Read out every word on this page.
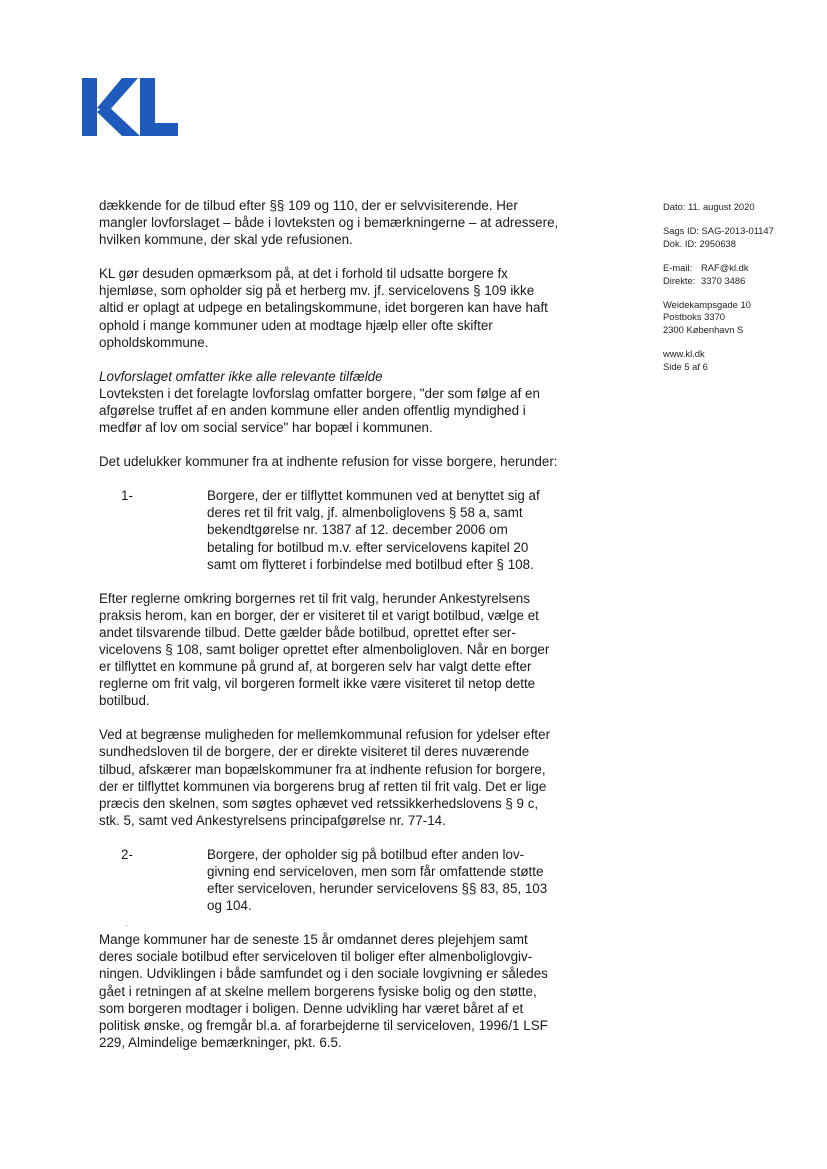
dækkende for de tilbud efter §§ 109 og 110, der er selvvisiterende. Her mangler lovforslaget – både i lovteksten og i bemærkningerne – at adressere, hvilken kommune, der skal yde refusionen.

KL gør desuden opmærksom på, at det i forhold til udsatte borgere fx hjemløse, som opholder sig på et herberg mv. jf. servicelovens § 109 ikke altid er oplagt at udpege en betalingskommune, idet borgeren kan have haft ophold i mange kommuner uden at modtage hjælp eller ofte skifter opholdskommune.

Lovforslaget omfatter ikke alle relevante tilfælde
Lovteksten i det forelagte lovforslag omfatter borgere, "der som følge af en afgørelse truffet af en anden kommune eller anden offentlig myndighed i medfør af lov om social service" har bopæl i kommunen.

Det udelukker kommuner fra at indhente refusion for visse borgere, herunder:

1-	Borgere, der er tilflyttet kommunen ved at benyttet sig af deres ret til frit valg, jf. almenboliglovens § 58 a, samt bekendtgørelse nr. 1387 af 12. december 2006 om betaling for botilbud m.v. efter servicelovens kapitel 20 samt om flytteret i forbindelse med botilbud efter § 108.

Efter reglerne omkring borgernes ret til frit valg, herunder Ankestyrelsens praksis herom, kan en borger, der er visiteret til et varigt botilbud, vælge et andet tilsvarende tilbud. Dette gælder både botilbud, oprettet efter servicelovens § 108, samt boliger oprettet efter almenboligloven. Når en borger er tilflyttet en kommune på grund af, at borgeren selv har valgt dette efter reglerne om frit valg, vil borgeren formelt ikke være visiteret til netop dette botilbud.

Ved at begrænse muligheden for mellemkommunal refusion for ydelser efter sundhedsloven til de borgere, der er direkte visiteret til deres nuværende tilbud, afskærer man bopælskommuner fra at indhente refusion for borgere, der er tilflyttet kommunen via borgerens brug af retten til frit valg. Det er lige præcis den skelnen, som søgtes ophævet ved retssikkerhedslovens § 9 c, stk. 5, samt ved Ankestyrelsens principafgørelse nr. 77-14.

2-	Borgere, der opholder sig på botilbud efter anden lovgivning end serviceloven, men som får omfattende støtte efter serviceloven, herunder servicelovens §§ 83, 85, 103 og 104.

Mange kommuner har de seneste 15 år omdannet deres plejehjem samt deres sociale botilbud efter serviceloven til boliger efter almenboliglovgivningen. Udviklingen i både samfundet og i den sociale lovgivning er således gået i retningen af at skelne mellem borgerens fysiske bolig og den støtte, som borgeren modtager i boligen. Denne udvikling har været båret af et politisk ønske, og fremgår bl.a. af forarbejderne til serviceloven, 1996/1 LSF 229, Almindelige bemærkninger, pkt. 6.5.

.
Dato: 11. august 2020
Sags ID: SAG-2013-01147
Dok. ID: 2950638
E-mail: RAF@kl.dk
Direkte: 3370 3486
Weidekampsgade 10
Postboks 3370
2300 København S
www.kl.dk
Side 5 af 6
